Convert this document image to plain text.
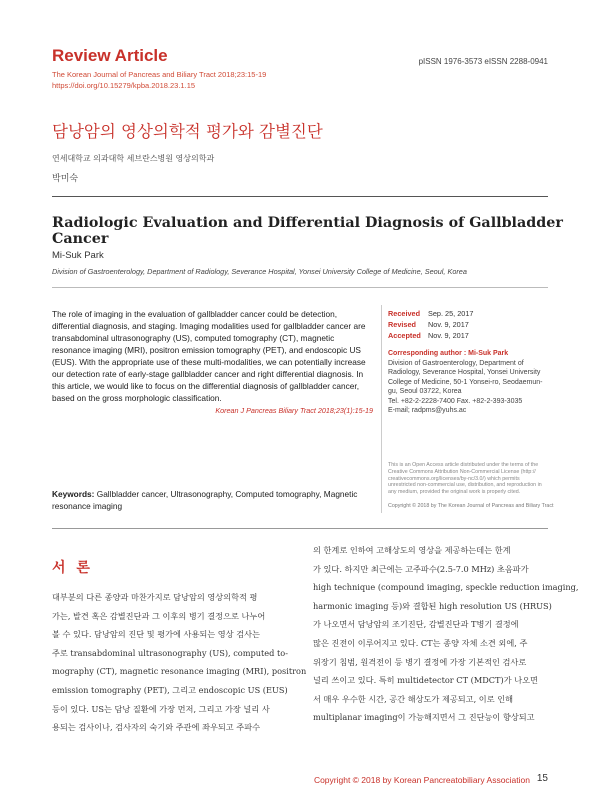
Review Article
The Korean Journal of Pancreas and Biliary Tract 2018;23:15-19
https://doi.org/10.15279/kpba.2018.23.1.15
pISSN 1976-3573 eISSN 2288-0941
담낭암의 영상의학적 평가와 감별진단
연세대학교 의과대학 세브란스병원 영상의학과
박미숙
Radiologic Evaluation and Differential Diagnosis of Gallbladder Cancer
Mi-Suk Park
Division of Gastroenterology, Department of Radiology, Severance Hospital, Yonsei University College of Medicine, Seoul, Korea
The role of imaging in the evaluation of gallbladder cancer could be detection, differential diagnosis, and staging. Imaging modalities used for gallbladder cancer are transabdominal ultrasonography (US), computed tomography (CT), magnetic resonance imaging (MRI), positron emission tomography (PET), and endoscopic US (EUS). With the appropriate use of these multi-modalities, we can potentially increase our detection rate of early-stage gallbladder cancer and right differential diagnosis. In this article, we would like to focus on the differential diagnosis of gallbladder cancer, based on the gross morphologic classification.
Korean J Pancreas Biliary Tract 2018;23(1):15-19
Received Sep. 25, 2017
Revised Nov. 9, 2017
Accepted Nov. 9, 2017
Corresponding author : Mi-Suk Park
Division of Gastroenterology, Department of
Radiology, Severance Hospital, Yonsei University
College of Medicine, 50-1 Yonsei-ro, Seodaemun-
gu, Seoul 03722, Korea
Tel. +82-2-2228-7400 Fax. +82-2-393-3035
E-mail; radpms@yuhs.ac
This is an Open Access article distributed under the terms of the
Creative Commons Attribution Non-Commercial License (http://
creativecommons.org/licenses/by-nc/3.0/) which permits
unrestricted non-commercial use, distribution, and reproduction in
any medium, provided the original work is properly cited.
Copyright © 2018 by The Korean Journal of Pancreas and Biliary Tract
Keywords: Gallbladder cancer, Ultrasonography, Computed tomography, Magnetic resonance imaging
서 론

대부분의 다른 종양과 마찬가지로 담낭암의 영상의학적 평

가는, 발견 혹은 감별진단과 그 이후의 병기 결정으로 나누어

볼 수 있다. 담낭암의 진단 및 평가에 사용되는 영상 검사는

주로 transabdominal ultrasonography (US), computed to-

mography (CT), magnetic resonance imaging (MRI), positron

emission tomography (PET), 그리고 endoscopic US (EUS)

등이 있다. US는 담낭 질환에 가장 먼저, 그리고 가장 널리 사

용되는 검사이나, 검사자의 숙기와 주관에 좌우되고 주파수

의 한계로 인하여 고해상도의 영상을 제공하는데는 한계

가 있다. 하지만 최근에는 고주파수(2.5-7.0 MHz) 초음파가

high technique (compound imaging, speckle reduction imaging,

harmonic imaging 등)와 결합된 high resolution US (HRUS)

가 나오면서 담낭암의 조기진단, 감별진단과 T병기 결정에

많은 진전이 이루어지고 있다. CT는 종양 자체 소견 외에, 주

위장기 침범, 원격전이 등 병기 결정에 가장 기본적인 검사로

널리 쓰이고 있다. 특히 multidetector CT (MDCT)가 나오면

서 매우 우수한 시간, 공간 해상도가 제공되고, 이로 인해

multiplanar imaging이 가능해지면서 그 진단능이 향상되고

Copyright © 2018 by Korean Pancreatobiliary Association 15
